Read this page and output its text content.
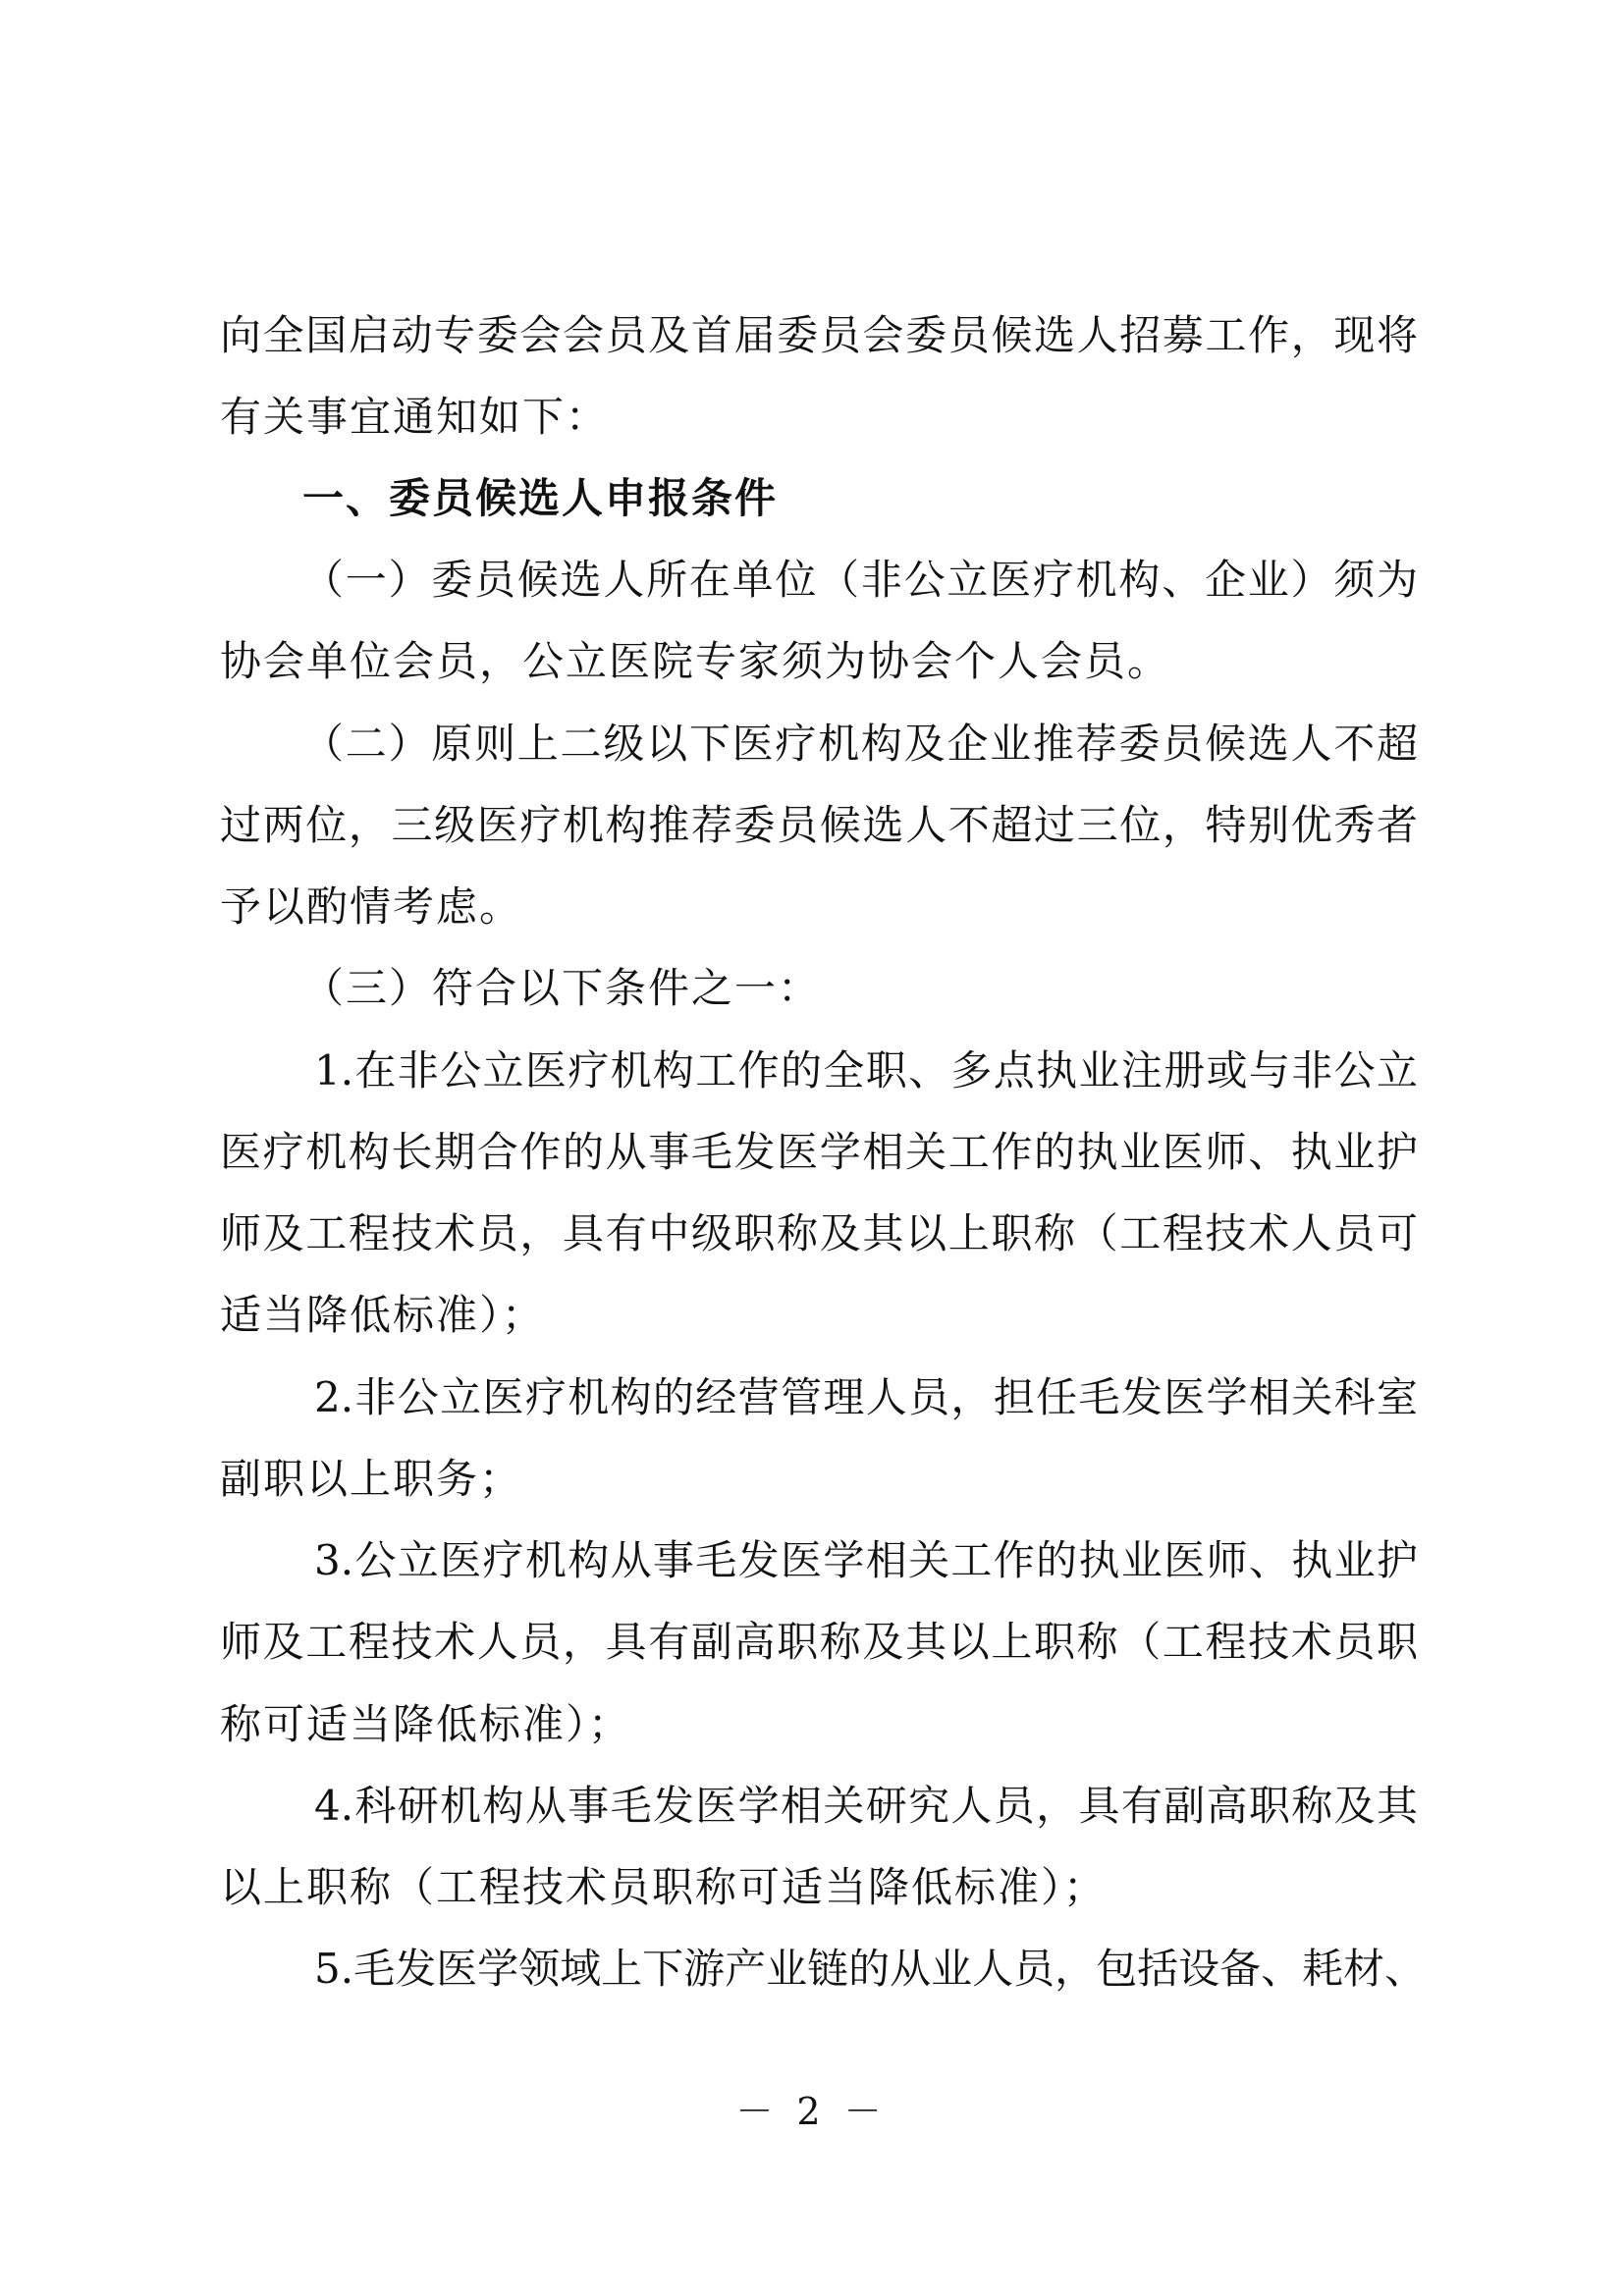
向全国启动专委会会员及首届委员会委员候选人招募工作，现将
有关事宜通知如下：
一、委员候选人申报条件
（一）委员候选人所在单位（非公立医疗机构、企业）须为
协会单位会员，公立医院专家须为协会个人会员。
（二）原则上二级以下医疗机构及企业推荐委员候选人不超
过两位，三级医疗机构推荐委员候选人不超过三位，特别优秀者
予以酌情考虑。
（三）符合以下条件之一：
1.在非公立医疗机构工作的全职、多点执业注册或与非公立
医疗机构长期合作的从事毛发医学相关工作的执业医师、执业护
师及工程技术员，具有中级职称及其以上职称（工程技术人员可
适当降低标准）；
2.非公立医疗机构的经营管理人员，担任毛发医学相关科室
副职以上职务；
3.公立医疗机构从事毛发医学相关工作的执业医师、执业护
师及工程技术人员，具有副高职称及其以上职称（工程技术员职
称可适当降低标准）；
4.科研机构从事毛发医学相关研究人员，具有副高职称及其
以上职称（工程技术员职称可适当降低标准）；
5.毛发医学领域上下游产业链的从业人员，包括设备、耗材、
－ 2 －
